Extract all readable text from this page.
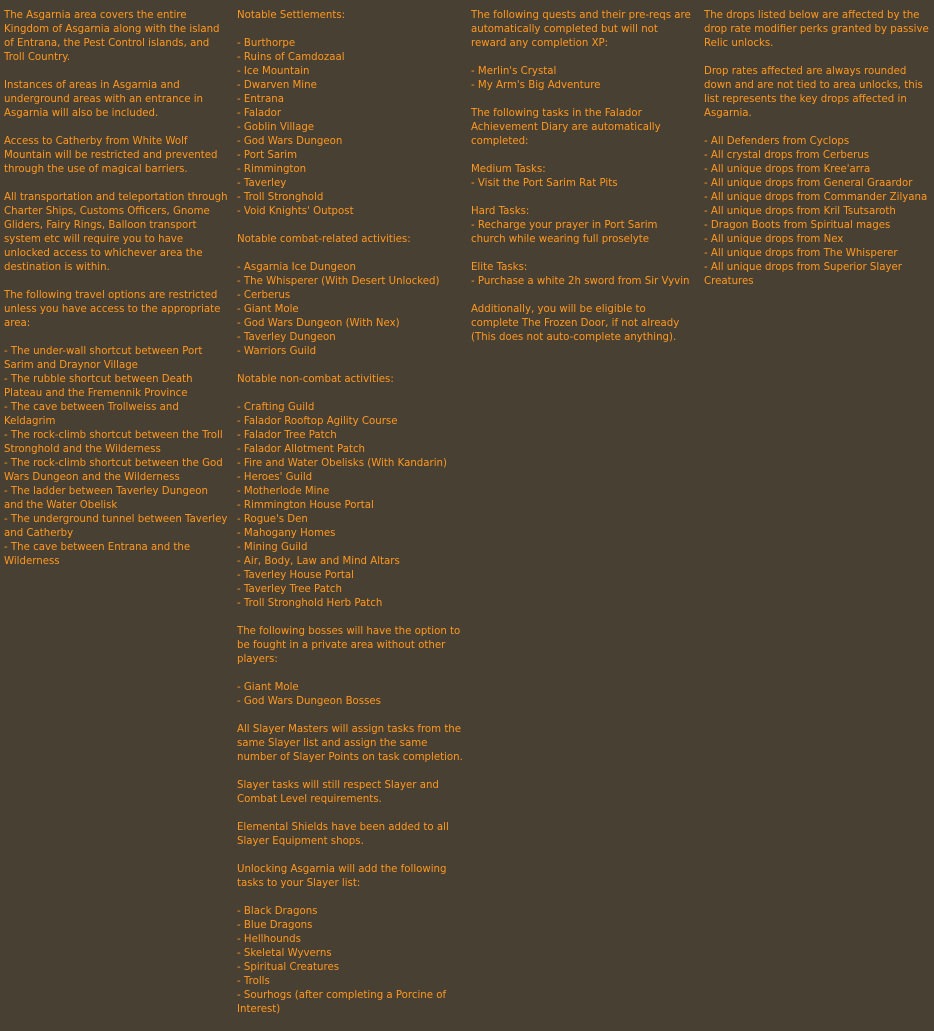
The Asgarnia area covers the entire Kingdom of Asgarnia along with the island of Entrana, the Pest Control islands, and Troll Country.

Instances of areas in Asgarnia and underground areas with an entrance in Asgarnia will also be included.

Access to Catherby from White Wolf Mountain will be restricted and prevented through the use of magical barriers.

All transportation and teleportation through Charter Ships, Customs Officers, Gnome Gliders, Fairy Rings, Balloon transport system etc will require you to have unlocked access to whichever area the destination is within.

The following travel options are restricted unless you have access to the appropriate area:

- The under-wall shortcut between Port Sarim and Draynor Village
- The rubble shortcut between Death Plateau and the Fremennik Province
- The cave between Trollweiss and Keldagrim
- The rock-climb shortcut between the Troll Stronghold and the Wilderness
- The rock-climb shortcut between the God Wars Dungeon and the Wilderness
- The ladder between Taverley Dungeon and the Water Obelisk
- The underground tunnel between Taverley and Catherby
- The cave between Entrana and the Wilderness

Notable Settlements:

- Burthorpe
- Ruins of Camdozaal
- Ice Mountain
- Dwarven Mine
- Entrana
- Falador
- Goblin Village
- God Wars Dungeon
- Port Sarim
- Rimmington
- Taverley
- Troll Stronghold
- Void Knights' Outpost

Notable combat-related activities:

- Asgarnia Ice Dungeon
- The Whisperer (With Desert Unlocked)
- Cerberus
- Giant Mole
- God Wars Dungeon (With Nex)
- Taverley Dungeon
- Warriors Guild

Notable non-combat activities:

- Crafting Guild
- Falador Rooftop Agility Course
- Falador Tree Patch
- Falador Allotment Patch
- Fire and Water Obelisks (With Kandarin)
- Heroes' Guild
- Motherlode Mine
- Rimmington House Portal
- Rogue's Den
- Mahogany Homes
- Mining Guild
- Air, Body, Law and Mind Altars
- Taverley House Portal
- Taverley Tree Patch
- Troll Stronghold Herb Patch

The following bosses will have the option to be fought in a private area without other players:

- Giant Mole
- God Wars Dungeon Bosses

All Slayer Masters will assign tasks from the same Slayer list and assign the same number of Slayer Points on task completion.

Slayer tasks will still respect Slayer and Combat Level requirements.

Elemental Shields have been added to all Slayer Equipment shops.

Unlocking Asgarnia will add the following tasks to your Slayer list:

- Black Dragons
- Blue Dragons
- Hellhounds
- Skeletal Wyverns
- Spiritual Creatures
- Trolls
- Sourhogs (after completing a Porcine of Interest)

The following quests and their pre-reqs are automatically completed but will not reward any completion XP:

- Merlin's Crystal
- My Arm's Big Adventure

The following tasks in the Falador Achievement Diary are automatically completed:

Medium Tasks:
- Visit the Port Sarim Rat Pits

Hard Tasks:
- Recharge your prayer in Port Sarim church while wearing full proselyte

Elite Tasks:
- Purchase a white 2h sword from Sir Vyvin

Additionally, you will be eligible to complete The Frozen Door, if not already (This does not auto-complete anything).

The drops listed below are affected by the drop rate modifier perks granted by passive Relic unlocks.

Drop rates affected are always rounded down and are not tied to area unlocks, this list represents the key drops affected in Asgarnia.

- All Defenders from Cyclops
- All crystal drops from Cerberus
- All unique drops from Kree'arra
- All unique drops from General Graardor
- All unique drops from Commander Zilyana
- All unique drops from Kril Tsutsaroth
- Dragon Boots from Spiritual mages
- All unique drops from Nex
- All unique drops from The Whisperer
- All unique drops from Superior Slayer Creatures
